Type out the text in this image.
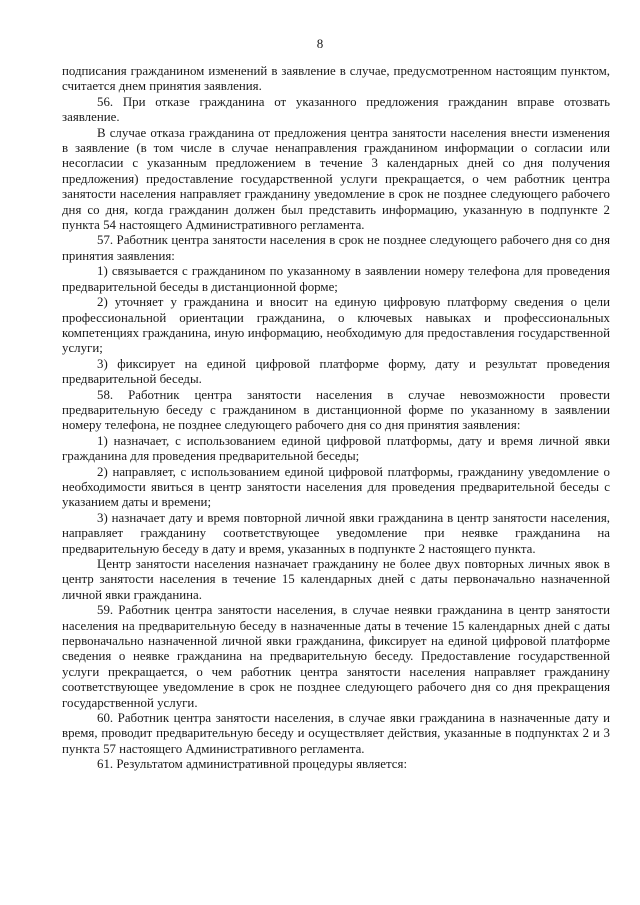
8

подписания гражданином изменений в заявление в случае, предусмотренном настоящим пунктом, считается днем принятия заявления.

56. При отказе гражданина от указанного предложения гражданин вправе отозвать заявление.

В случае отказа гражданина от предложения центра занятости населения внести изменения в заявление (в том числе в случае ненаправления гражданином информации о согласии или несогласии с указанным предложением в течение 3 календарных дней со дня получения предложения) предоставление государственной услуги прекращается, о чем работник центра занятости населения направляет гражданину уведомление в срок не позднее следующего рабочего дня со дня, когда гражданин должен был представить информацию, указанную в подпункте 2 пункта 54 настоящего Административного регламента.

57. Работник центра занятости населения в срок не позднее следующего рабочего дня со дня принятия заявления:

1) связывается с гражданином по указанному в заявлении номеру телефона для проведения предварительной беседы в дистанционной форме;

2) уточняет у гражданина и вносит на единую цифровую платформу сведения о цели профессиональной ориентации гражданина, о ключевых навыках и профессиональных компетенциях гражданина, иную информацию, необходимую для предоставления государственной услуги;

3) фиксирует на единой цифровой платформе форму, дату и результат проведения предварительной беседы.

58. Работник центра занятости населения в случае невозможности провести предварительную беседу с гражданином в дистанционной форме по указанному в заявлении номеру телефона, не позднее следующего рабочего дня со дня принятия заявления:

1) назначает, с использованием единой цифровой платформы, дату и время личной явки гражданина для проведения предварительной беседы;

2) направляет, с использованием единой цифровой платформы, гражданину уведомление о необходимости явиться в центр занятости населения для проведения предварительной беседы с указанием даты и времени;

3) назначает дату и время повторной личной явки гражданина в центр занятости населения, направляет гражданину соответствующее уведомление при неявке гражданина на предварительную беседу в дату и время, указанных в подпункте 2 настоящего пункта.

Центр занятости населения назначает гражданину не более двух повторных личных явок в центр занятости населения в течение 15 календарных дней с даты первоначально назначенной личной явки гражданина.

59. Работник центра занятости населения, в случае неявки гражданина в центр занятости населения на предварительную беседу в назначенные даты в течение 15 календарных дней с даты первоначально назначенной личной явки гражданина, фиксирует на единой цифровой платформе сведения о неявке гражданина на предварительную беседу. Предоставление государственной услуги прекращается, о чем работник центра занятости населения направляет гражданину соответствующее уведомление в срок не позднее следующего рабочего дня со дня прекращения государственной услуги.

60. Работник центра занятости населения, в случае явки гражданина в назначенные дату и время, проводит предварительную беседу и осуществляет действия, указанные в подпунктах 2 и 3 пункта 57 настоящего Административного регламента.

61. Результатом административной процедуры является:
